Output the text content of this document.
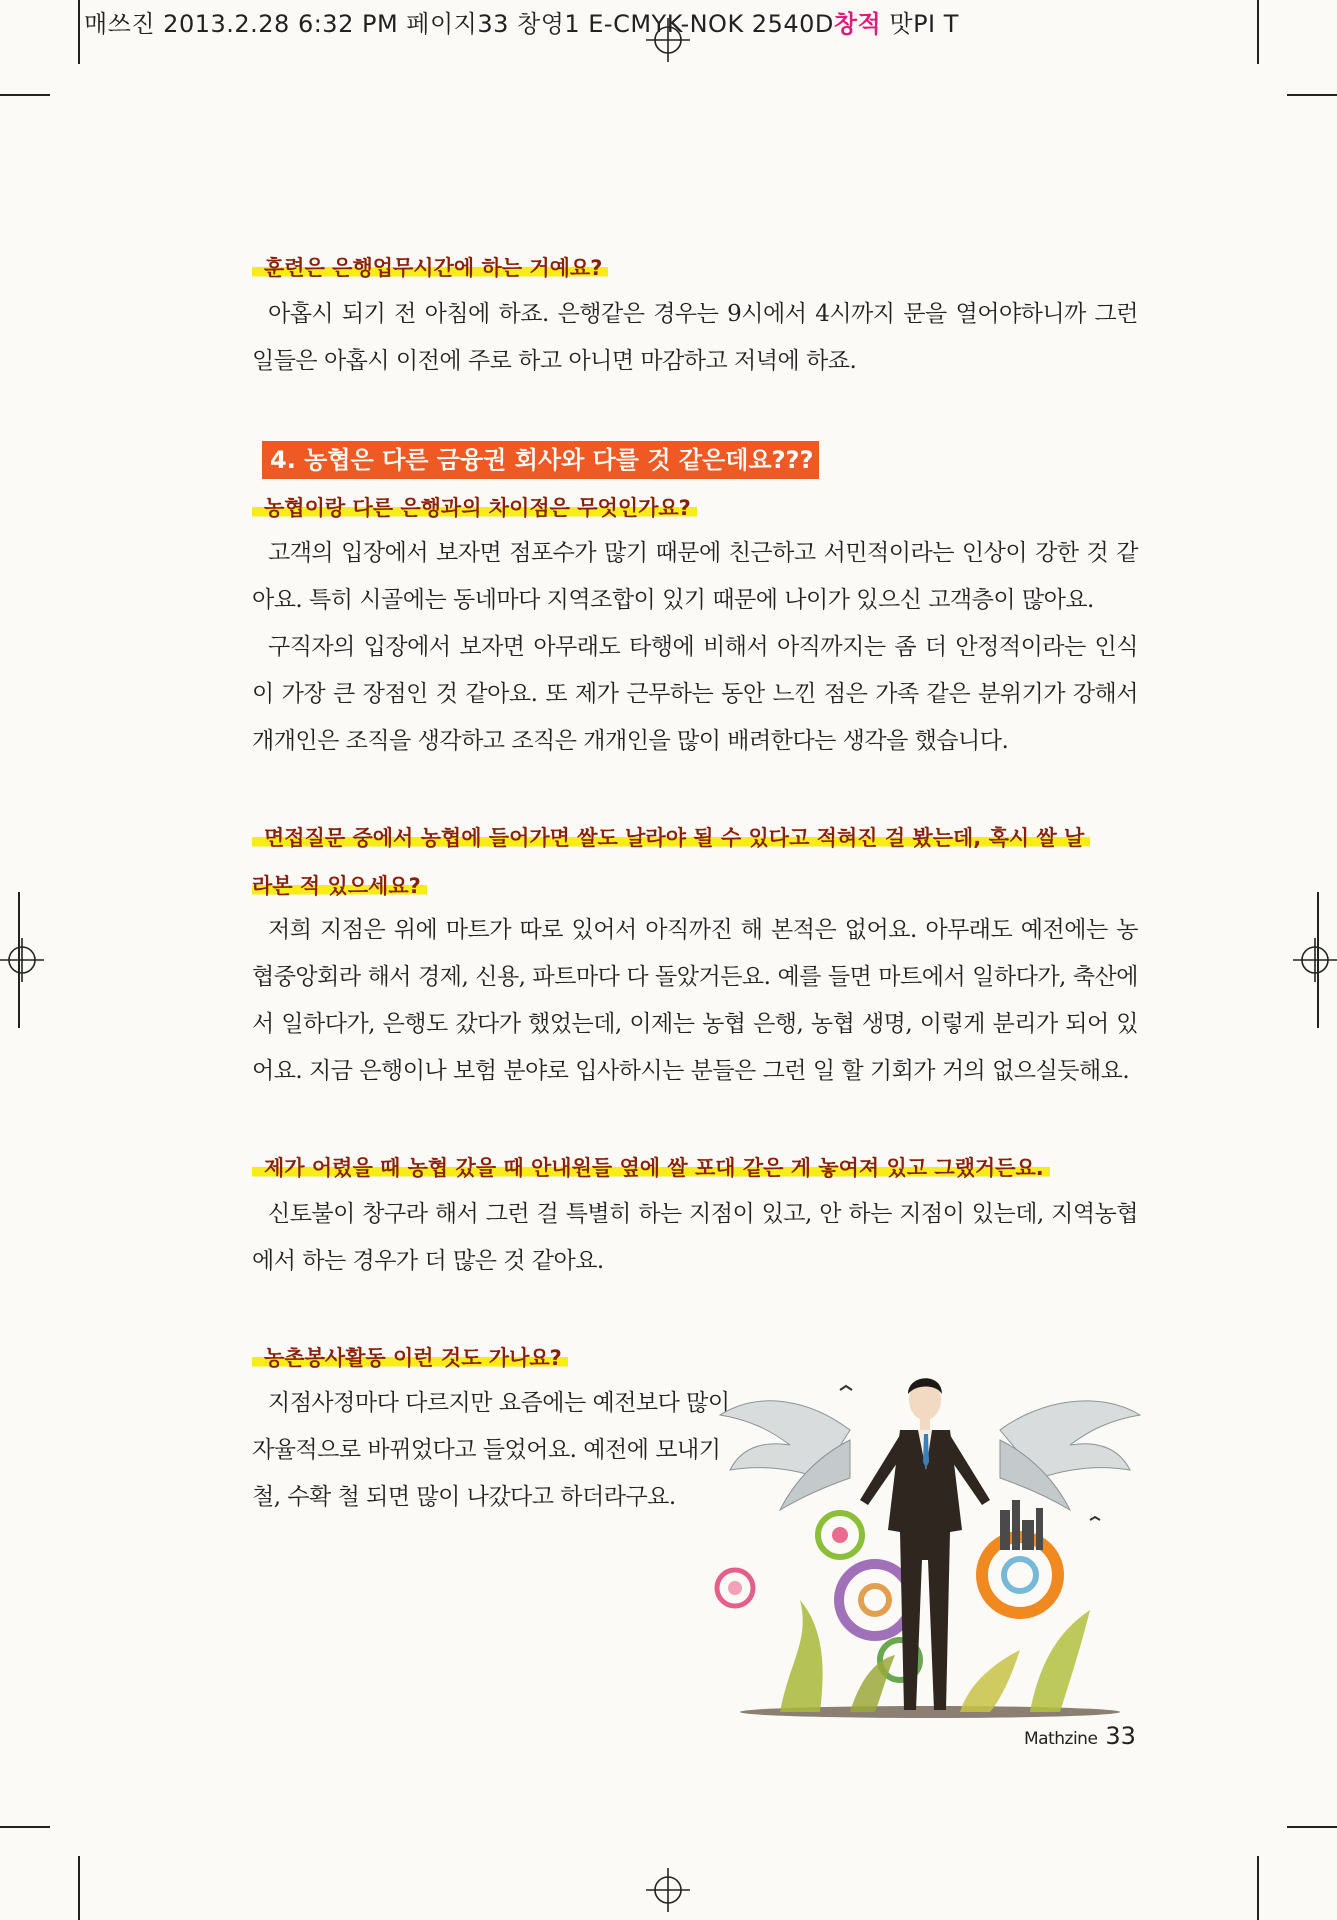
매쓰진 2013.2.28 6:32 PM 페이지33 창영1 E-CMYK-NOK 2540D창적 맛PI T
훈련은 은행업무시간에 하는 거예요?

아홉시 되기 전 아침에 하죠. 은행같은 경우는 9시에서 4시까지 문을 열어야하니까 그런 일들은 아홉시 이전에 주로 하고 아니면 마감하고 저녁에 하죠.

4. 농협은 다른 금융권 회사와 다를 것 같은데요???
농협이랑 다른 은행과의 차이점은 무엇인가요?

고객의 입장에서 보자면 점포수가 많기 때문에 친근하고 서민적이라는 인상이 강한 것 같아요. 특히 시골에는 동네마다 지역조합이 있기 때문에 나이가 있으신 고객층이 많아요.

구직자의 입장에서 보자면 아무래도 타행에 비해서 아직까지는 좀 더 안정적이라는 인식이 가장 큰 장점인 것 같아요. 또 제가 근무하는 동안 느낀 점은 가족 같은 분위기가 강해서 개개인은 조직을 생각하고 조직은 개개인을 많이 배려한다는 생각을 했습니다.

면접질문 중에서 농협에 들어가면 쌀도 날라야 될 수 있다고 적혀진 걸 봤는데, 혹시 쌀 날
라본 적 있으세요?

저희 지점은 위에 마트가 따로 있어서 아직까진 해 본적은 없어요. 아무래도 예전에는 농협중앙회라 해서 경제, 신용, 파트마다 다 돌았거든요. 예를 들면 마트에서 일하다가, 축산에서 일하다가, 은행도 갔다가 했었는데, 이제는 농협 은행, 농협 생명, 이렇게 분리가 되어 있어요. 지금 은행이나 보험 분야로 입사하시는 분들은 그런 일 할 기회가 거의 없으실듯해요.

제가 어렸을 때 농협 갔을 때 안내원들 옆에 쌀 포대 같은 게 놓여져 있고 그랬거든요.

신토불이 창구라 해서 그런 걸 특별히 하는 지점이 있고, 안 하는 지점이 있는데, 지역농협에서 하는 경우가 더 많은 것 같아요.

농촌봉사활동 이런 것도 가나요?
지점사정마다 다르지만 요즘에는 예전보다 많이
자율적으로 바뀌었다고 들었어요. 예전에 모내기
철, 수확 철 되면 많이 나갔다고 하더라구요.
Mathzine 33
